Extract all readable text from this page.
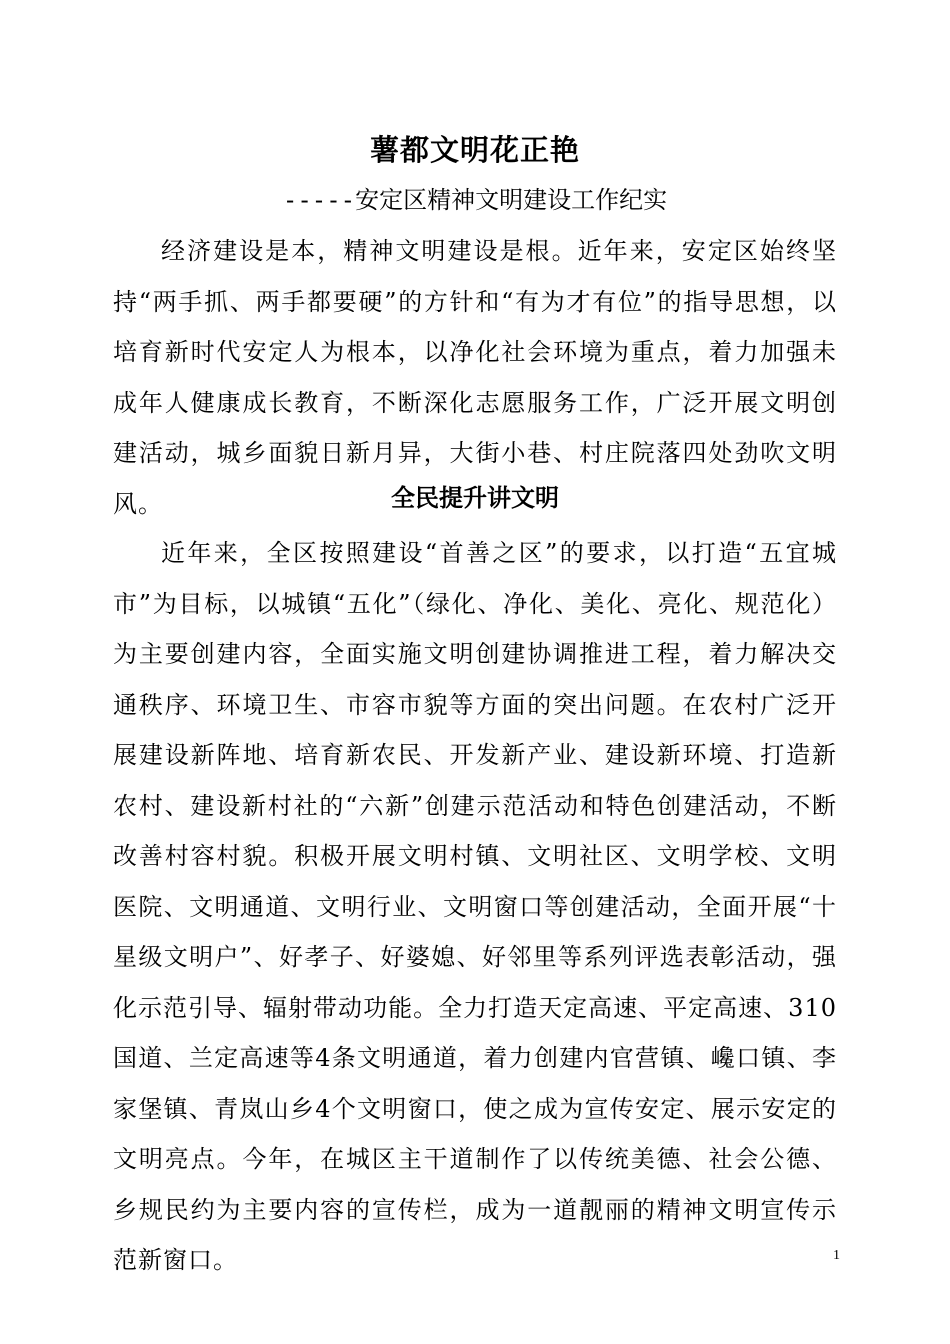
薯都文明花正艳
-----安定区精神文明建设工作纪实
经济建设是本，精神文明建设是根。近年来，安定区始终坚持“两手抓、两手都要硬”的方针和“有为才有位”的指导思想，以培育新时代安定人为根本，以净化社会环境为重点，着力加强未成年人健康成长教育，不断深化志愿服务工作，广泛开展文明创建活动，城乡面貌日新月异，大街小巷、村庄院落四处劲吹文明风。	全民提升讲文明
近年来，全区按照建设“首善之区”的要求，以打造“五宜城市”为目标，以城镇“五化”（绿化、净化、美化、亮化、规范化）为主要创建内容，全面实施文明创建协调推进工程，着力解决交通秩序、环境卫生、市容市貌等方面的突出问题。在农村广泛开展建设新阵地、培育新农民、开发新产业、建设新环境、打造新农村、建设新村社的“六新”创建示范活动和特色创建活动，不断改善村容村貌。积极开展文明村镇、文明社区、文明学校、文明医院、文明通道、文明行业、文明窗口等创建活动，全面开展“十星级文明户”、好孝子、好婆媳、好邻里等系列评选表彰活动，强化示范引导、辐射带动功能。全力打造天定高速、平定高速、310国道、兰定高速等4条文明通道，着力创建内官营镇、巉口镇、李家堡镇、青岚山乡4个文明窗口，使之成为宣传安定、展示安定的文明亮点。今年，在城区主干道制作了以传统美德、社会公德、乡规民约为主要内容的宣传栏，成为一道靓丽的精神文明宣传示范新窗口。	1
